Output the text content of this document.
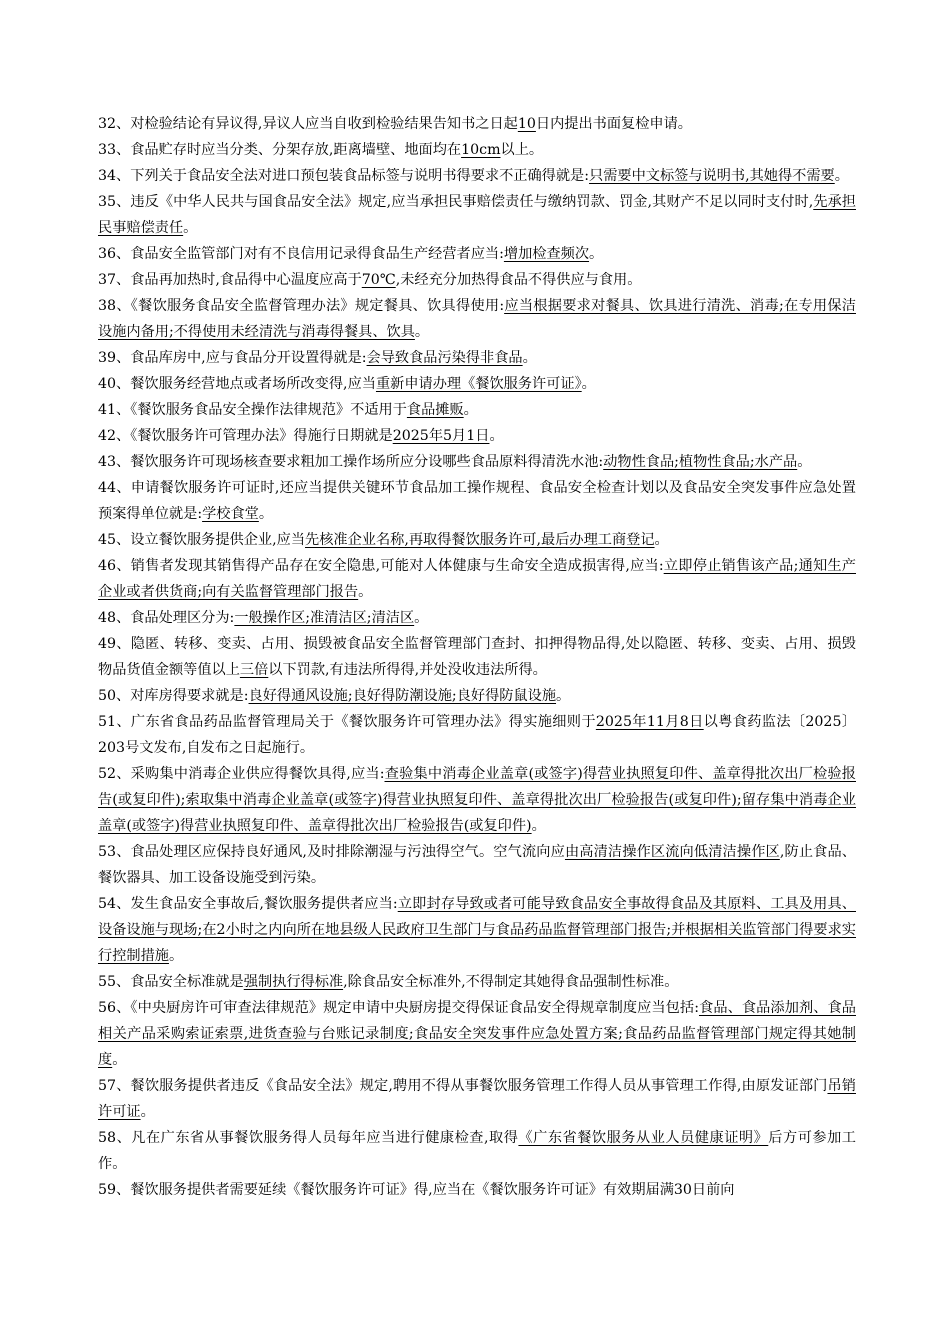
32、对检验结论有异议得,异议人应当自收到检验结果告知书之日起10日内提出书面复检申请。

33、食品贮存时应当分类、分架存放,距离墙壁、地面均在10cm以上。

34、下列关于食品安全法对进口预包装食品标签与说明书得要求不正确得就是:只需要中文标签与说明书,其她得不需要。

35、违反《中华人民共与国食品安全法》规定,应当承担民事赔偿责任与缴纳罚款、罚金,其财产不足以同时支付时,先承担民事赔偿责任。

36、食品安全监管部门对有不良信用记录得食品生产经营者应当:增加检查频次。

37、食品再加热时,食品得中心温度应高于70℃,未经充分加热得食品不得供应与食用。

38、《餐饮服务食品安全监督管理办法》规定餐具、饮具得使用:应当根据要求对餐具、饮具进行清洗、消毒;在专用保洁设施内备用;不得使用未经清洗与消毒得餐具、饮具。

39、食品库房中,应与食品分开设置得就是:会导致食品污染得非食品。

40、餐饮服务经营地点或者场所改变得,应当重新申请办理《餐饮服务许可证》。

41、《餐饮服务食品安全操作法律规范》不适用于食品摊贩。

42、《餐饮服务许可管理办法》得施行日期就是2025年5月1日。

43、餐饮服务许可现场核查要求粗加工操作场所应分设哪些食品原料得清洗水池:动物性食品;植物性食品;水产品。

44、申请餐饮服务许可证时,还应当提供关键环节食品加工操作规程、食品安全检查计划以及食品安全突发事件应急处置预案得单位就是:学校食堂。

45、设立餐饮服务提供企业,应当先核准企业名称,再取得餐饮服务许可,最后办理工商登记。

46、销售者发现其销售得产品存在安全隐患,可能对人体健康与生命安全造成损害得,应当:立即停止销售该产品;通知生产企业或者供货商;向有关监督管理部门报告。

48、食品处理区分为:一般操作区;准清洁区;清洁区。

49、隐匿、转移、变卖、占用、损毁被食品安全监督管理部门查封、扣押得物品得,处以隐匿、转移、变卖、占用、损毁物品货值金额等值以上三倍以下罚款,有违法所得得,并处没收违法所得。

50、对库房得要求就是:良好得通风设施;良好得防潮设施;良好得防鼠设施。

51、广东省食品药品监督管理局关于《餐饮服务许可管理办法》得实施细则于2025年11月8日以粤食药监法〔2025〕203号文发布,自发布之日起施行。

52、采购集中消毒企业供应得餐饮具得,应当:查验集中消毒企业盖章(或签字)得营业执照复印件、盖章得批次出厂检验报告(或复印件);索取集中消毒企业盖章(或签字)得营业执照复印件、盖章得批次出厂检验报告(或复印件);留存集中消毒企业盖章(或签字)得营业执照复印件、盖章得批次出厂检验报告(或复印件)。

53、食品处理区应保持良好通风,及时排除潮湿与污浊得空气。空气流向应由高清洁操作区流向低清洁操作区,防止食品、餐饮器具、加工设备设施受到污染。

54、发生食品安全事故后,餐饮服务提供者应当:立即封存导致或者可能导致食品安全事故得食品及其原料、工具及用具、设备设施与现场;在2小时之内向所在地县级人民政府卫生部门与食品药品监督管理部门报告;并根据相关监管部门得要求实行控制措施。

55、食品安全标准就是强制执行得标准,除食品安全标准外,不得制定其她得食品强制性标准。

56、《中央厨房许可审查法律规范》规定申请中央厨房提交得保证食品安全得规章制度应当包括:食品、食品添加剂、食品相关产品采购索证索票,进货查验与台账记录制度;食品安全突发事件应急处置方案;食品药品监督管理部门规定得其她制度。

57、餐饮服务提供者违反《食品安全法》规定,聘用不得从事餐饮服务管理工作得人员从事管理工作得,由原发证部门吊销许可证。

58、凡在广东省从事餐饮服务得人员每年应当进行健康检查,取得《广东省餐饮服务从业人员健康证明》后方可参加工作。

59、餐饮服务提供者需要延续《餐饮服务许可证》得,应当在《餐饮服务许可证》有效期届满30日前向
